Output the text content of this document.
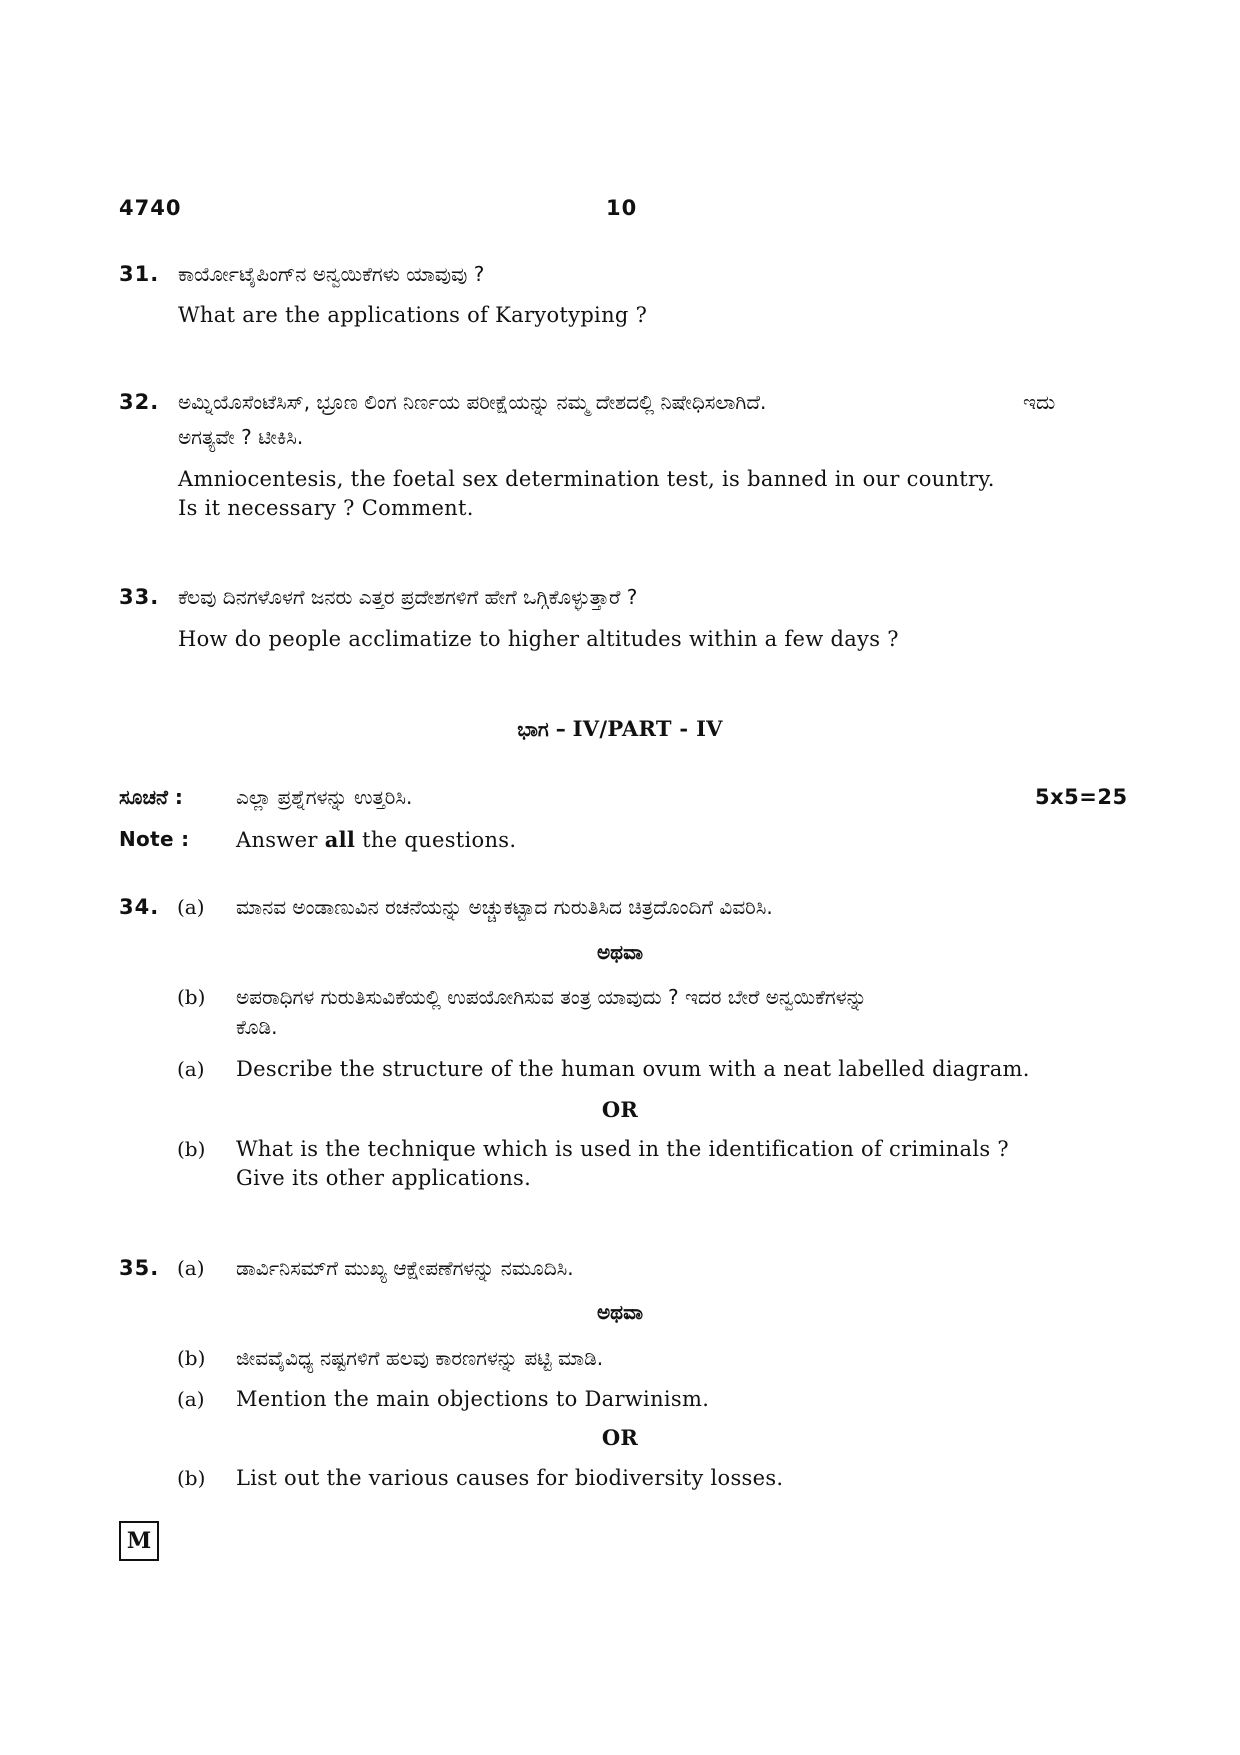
4740	10
31. ಕಾರ್ಯೋಟೈಪಿಂಗ್‌ನ ಅನ್ವಯಿಕೆಗಳು ಯಾವುವು ?
What are the applications of Karyotyping ?
32. ಅಮ್ನಿಯೊಸೆಂಟೆಸಿಸ್, ಭ್ರೂಣ ಲಿಂಗ ನಿರ್ಣಯ ಪರೀಕ್ಷೆಯನ್ನು ನಮ್ಮ ದೇಶದಲ್ಲಿ ನಿಷೇಧಿಸಲಾಗಿದೆ.	ಇದು
ಅಗತ್ಯವೇ ? ಟೀಕಿಸಿ.
Amniocentesis, the foetal sex determination test, is banned in our country.
Is it necessary ? Comment.
33. ಕೆಲವು ದಿನಗಳೊಳಗೆ ಜನರು ಎತ್ತರ ಪ್ರದೇಶಗಳಿಗೆ ಹೇಗೆ ಒಗ್ಗಿಕೊಳ್ಳುತ್ತಾರೆ ?
How do people acclimatize to higher altitudes within a few days ?
ಭಾಗ – IV/PART - IV
ಸೂಚನೆ :	ಎಲ್ಲಾ ಪ್ರಶ್ನೆಗಳನ್ನು ಉತ್ತರಿಸಿ.	5x5=25
Note : Answer all the questions.
34. (a) ಮಾನವ ಅಂಡಾಣುವಿನ ರಚನೆಯನ್ನು ಅಚ್ಚುಕಟ್ಟಾದ ಗುರುತಿಸಿದ ಚಿತ್ರದೊಂದಿಗೆ ವಿವರಿಸಿ.
ಅಥವಾ
(b) ಅಪರಾಧಿಗಳ ಗುರುತಿಸುವಿಕೆಯಲ್ಲಿ ಉಪಯೋಗಿಸುವ ತಂತ್ರ ಯಾವುದು ? ಇದರ ಬೇರೆ ಅನ್ವಯಿಕೆಗಳನ್ನು
ಕೊಡಿ.
(a) Describe the structure of the human ovum with a neat labelled diagram.
OR
(b) What is the technique which is used in the identification of criminals ?
Give its other applications.
35. (a) ಡಾರ್ವಿನಿಸಮ್‌ಗೆ ಮುಖ್ಯ ಆಕ್ಷೇಪಣೆಗಳನ್ನು ನಮೂದಿಸಿ.
ಅಥವಾ
(b) ಜೀವವೈವಿಧ್ಯ ನಷ್ಟಗಳಿಗೆ ಹಲವು ಕಾರಣಗಳನ್ನು ಪಟ್ಟಿ ಮಾಡಿ.
(a) Mention the main objections to Darwinism.
OR
(b) List out the various causes for biodiversity losses.
M
